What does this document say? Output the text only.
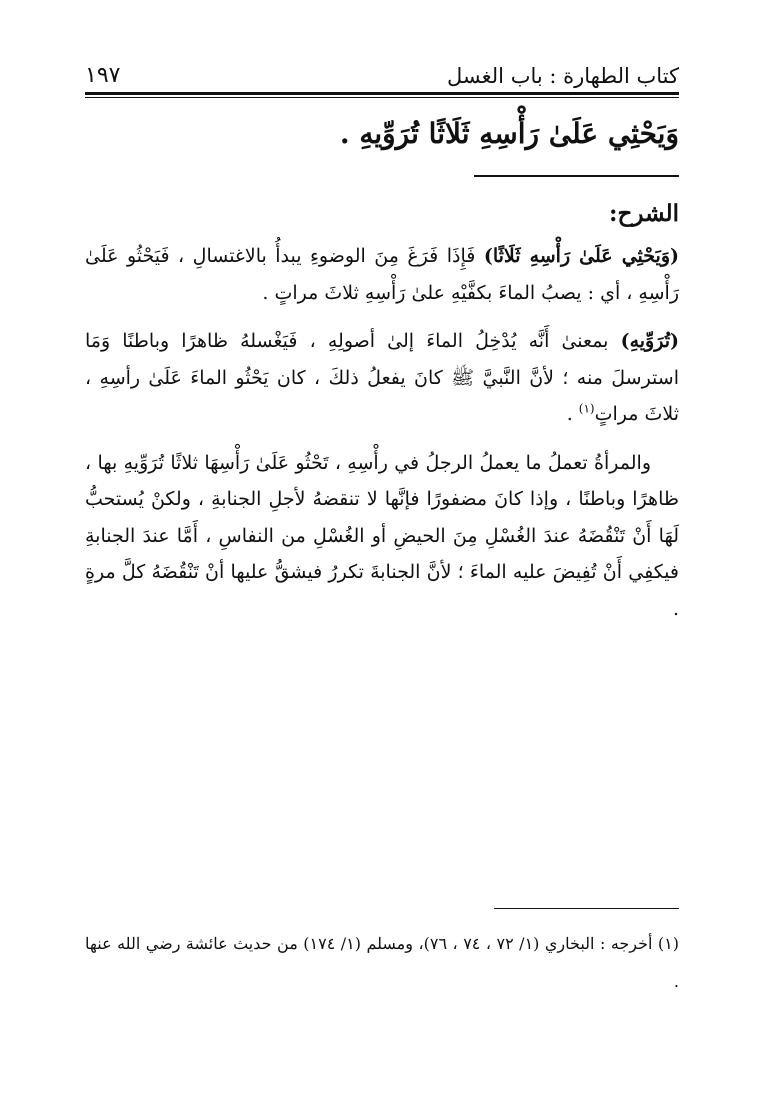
كتاب الطهارة : باب الغسل
١٩٧
وَيَحْثِي عَلَىٰ رَأْسِهِ ثَلَاثًا تُرَوِّيهِ .
الشرح:

(وَيَحْثِي عَلَىٰ رَأْسِهِ ثَلَاثًا) فَإِذَا فَرَغَ مِنَ الوضوءِ يبدأُ بالاغتسالِ ، فَيَحْثُو عَلَىٰ رَأْسِهِ ، أي : يصبُ الماءَ بكفَّيْهِ علىٰ رَأْسِهِ ثلاثَ مراتٍ .

(تُرَوِّيهِ) بمعنىٰ أَنَّه يُدْخِلُ الماءَ إلىٰ أصولِهِ ، فَيَغْسلهُ ظاهرًا وباطنًا وَمَا استرسلَ منه ؛ لأنَّ النَّبيَّ ﷺ كانَ يفعلُ ذلكَ ، كان يَحْثُو الماءَ عَلَىٰ رأسِهِ ، ثلاثَ مراتٍ$^{(١)}$ .

والمرأةُ تعملُ ما يعملُ الرجلُ في رأْسِهِ ، تَحْثُو عَلَىٰ رَأْسِهَا ثلاثًا تُرَوِّيهِ بها ، ظاهرًا وباطنًا ، وإذا كانَ مضفورًا فإنَّها لا تنقضهُ لأجلِ الجنابةِ ، ولكنْ يُستحبُّ لَهَا أَنْ تَنْقُضَهُ عندَ الغُسْلِ مِنَ الحيضِ أو الغُسْلِ من النفاسِ ، أَمَّا عندَ الجنابةِ فيكفِي أَنْ تُفِيضَ عليه الماءَ ؛ لأنَّ الجنابةَ تكررُ فيشقُّ عليها أنْ تَنْقُضَهُ كلَّ مرةٍ .

(١) أخرجه : البخاري (١/ ٧٢ ، ٧٤ ، ٧٦)، ومسلم (١/ ١٧٤) من حديث عائشة رضي الله عنها .
